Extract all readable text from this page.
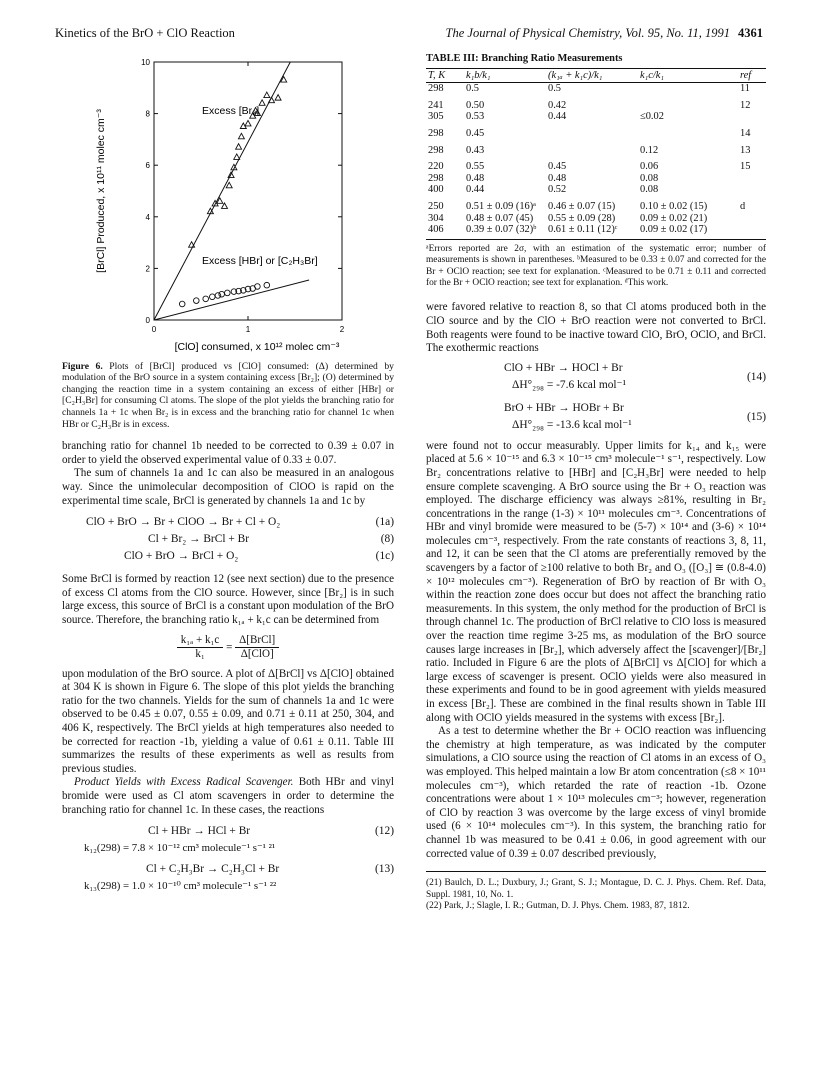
Kinetics of the BrO + ClO Reaction	The Journal of Physical Chemistry, Vol. 95, No. 11, 1991 4361
0
2
4
6
8
10
0	1	2
Excess [Br₂]
Excess [HBr] or [C₂H₃Br]
[BrCl] Produced, x 10¹¹ molec cm⁻³
[ClO] consumed, x 10¹² molec cm⁻³

Figure 6. Plots of [BrCl] produced vs [ClO] consumed: (Δ) determined by modulation of the BrO source in a system containing excess [Br₂]; (O) determined by changing the reaction time in a system containing an excess of either [HBr] or [C₂H₃Br] for consuming Cl atoms. The slope of the plot yields the branching ratio for channels 1a + 1c when Br₂ is in excess and the branching ratio for channel 1c when HBr or C₂H₃Br is in excess.

branching ratio for channel 1b needed to be corrected to 0.39 ± 0.07 in order to yield the observed experimental value of 0.33 ± 0.07.

The sum of channels 1a and 1c can also be measured in an analogous way. Since the unimolecular decomposition of ClOO is rapid on the experimental time scale, BrCl is generated by channels 1a and 1c by

ClO + BrO → Br + ClOO → Br + Cl + O₂	(1a)
Cl + Br₂ → BrCl + Br	(8)
ClO + BrO → BrCl + O₂	(1c)

Some BrCl is formed by reaction 12 (see next section) due to the presence of excess Cl atoms from the ClO source. However, since [Br₂] is in such large excess, this source of BrCl is a constant upon modulation of the BrO source. Therefore, the branching ratio k₁ₐ + k₁c can be determined from

$\frac{\text{k₁ₐ + k₁c}}{\text{k₁}} = \frac{\text{Δ[BrCl]}}{\text{Δ[ClO]}}$

upon modulation of the BrO source. A plot of Δ[BrCl] vs Δ[ClO] obtained at 304 K is shown in Figure 6. The slope of this plot yields the branching ratio for the two channels. Yields for the sum of channels 1a and 1c were observed to be 0.45 ± 0.07, 0.55 ± 0.09, and 0.71 ± 0.11 at 250, 304, and 406 K, respectively. The BrCl yields at high temperatures also needed to be corrected for reaction -1b, yielding a value of 0.61 ± 0.11. Table III summarizes the results of these experiments as well as results from previous studies.

Product Yields with Excess Radical Scavenger. Both HBr and vinyl bromide were used as Cl atom scavengers in order to determine the branching ratio for channel 1c. In these cases, the reactions

Cl + HBr → HCl + Br	(12)
k₁₂(298) = 7.8 × 10⁻¹² cm³ molecule⁻¹ s⁻¹ ²¹
Cl + C₂H₃Br → C₂H₃Cl + Br	(13)
k₁₃(298) = 1.0 × 10⁻¹⁰ cm³ molecule⁻¹ s⁻¹ ²²
TABLE III: Branching Ratio Measurements
T, K	k₁b/k₁	(k₁ₐ + k₁c)/k₁	k₁c/k₁	ref
298	0.5	0.5		11

241	0.50	0.42		12
305	0.53	0.44	≤0.02	

298	0.45			14

298	0.43		0.12	13

220	0.55	0.45	0.06	15
298	0.48	0.48	0.08	
400	0.44	0.52	0.08	

250	0.51 ± 0.09 (16)ᵃ	0.46 ± 0.07 (15)	0.10 ± 0.02 (15)	d
304	0.48 ± 0.07 (45)	0.55 ± 0.09 (28)	0.09 ± 0.02 (21)	
406	0.39 ± 0.07 (32)ᵇ	0.61 ± 0.11 (12)ᶜ	0.09 ± 0.02 (17)	

ᵃErrors reported are 2σ, with an estimation of the systematic error; number of measurements is shown in parentheses. ᵇMeasured to be 0.33 ± 0.07 and corrected for the Br + OClO reaction; see text for explanation. ᶜMeasured to be 0.71 ± 0.11 and corrected for the Br + OClO reaction; see text for explanation. ᵈThis work.

were favored relative to reaction 8, so that Cl atoms produced both in the ClO source and by the ClO + BrO reaction were not converted to BrCl. Both reagents were found to be inactive toward ClO, BrO, OClO, and BrCl. The exothermic reactions

ClO + HBr → HOCl + Br
ΔH°₂₉₈ = -7.6 kcal mol⁻¹
(14)
BrO + HBr → HOBr + Br
ΔH°₂₉₈ = -13.6 kcal mol⁻¹
(15)

were found not to occur measurably. Upper limits for k₁₄ and k₁₅ were placed at 5.6 × 10⁻¹⁵ and 6.3 × 10⁻¹⁵ cm³ molecule⁻¹ s⁻¹, respectively. Low Br₂ concentrations relative to [HBr] and [C₂H₃Br] were needed to help ensure complete scavenging. A BrO source using the Br + O₃ reaction was employed. The discharge efficiency was always ≥81%, resulting in Br₂ concentrations in the range (1-3) × 10¹¹ molecules cm⁻³. Concentrations of HBr and vinyl bromide were measured to be (5-7) × 10¹⁴ and (3-6) × 10¹⁴ molecules cm⁻³, respectively. From the rate constants of reactions 3, 8, 11, and 12, it can be seen that the Cl atoms are preferentially removed by the scavengers by a factor of ≥100 relative to both Br₂ and O₃ ([O₃] ≅ (0.8-4.0) × 10¹² molecules cm⁻³). Regeneration of BrO by reaction of Br with O₃ within the reaction zone does occur but does not affect the branching ratio measurements. In this system, the only method for the production of BrCl is through channel 1c. The production of BrCl relative to ClO loss is measured over the reaction time regime 3-25 ms, as modulation of the BrO source causes large increases in [Br₂], which adversely affect the [scavenger]/[Br₂] ratio. Included in Figure 6 are the plots of Δ[BrCl] vs Δ[ClO] for which a large excess of scavenger is present. OClO yields were also measured in these experiments and found to be in good agreement with yields measured in excess [Br₂]. These are combined in the final results shown in Table III along with OClO yields measured in the systems with excess [Br₂].

As a test to determine whether the Br + OClO reaction was influencing the chemistry at high temperature, as was indicated by the computer simulations, a ClO source using the reaction of Cl atoms in an excess of O₃ was employed. This helped maintain a low Br atom concentration (≤8 × 10¹¹ molecules cm⁻³), which retarded the rate of reaction -1b. Ozone concentrations were about 1 × 10¹³ molecules cm⁻³; however, regeneration of ClO by reaction 3 was overcome by the large excess of vinyl bromide used (6 × 10¹⁴ molecules cm⁻³). In this system, the branching ratio for channel 1b was measured to be 0.41 ± 0.06, in good agreement with our corrected value of 0.39 ± 0.07 described previously,

(21) Baulch, D. L.; Duxbury, J.; Grant, S. J.; Montague, D. C. J. Phys. Chem. Ref. Data, Suppl. 1981, 10, No. 1.

(22) Park, J.; Slagle, I. R.; Gutman, D. J. Phys. Chem. 1983, 87, 1812.
